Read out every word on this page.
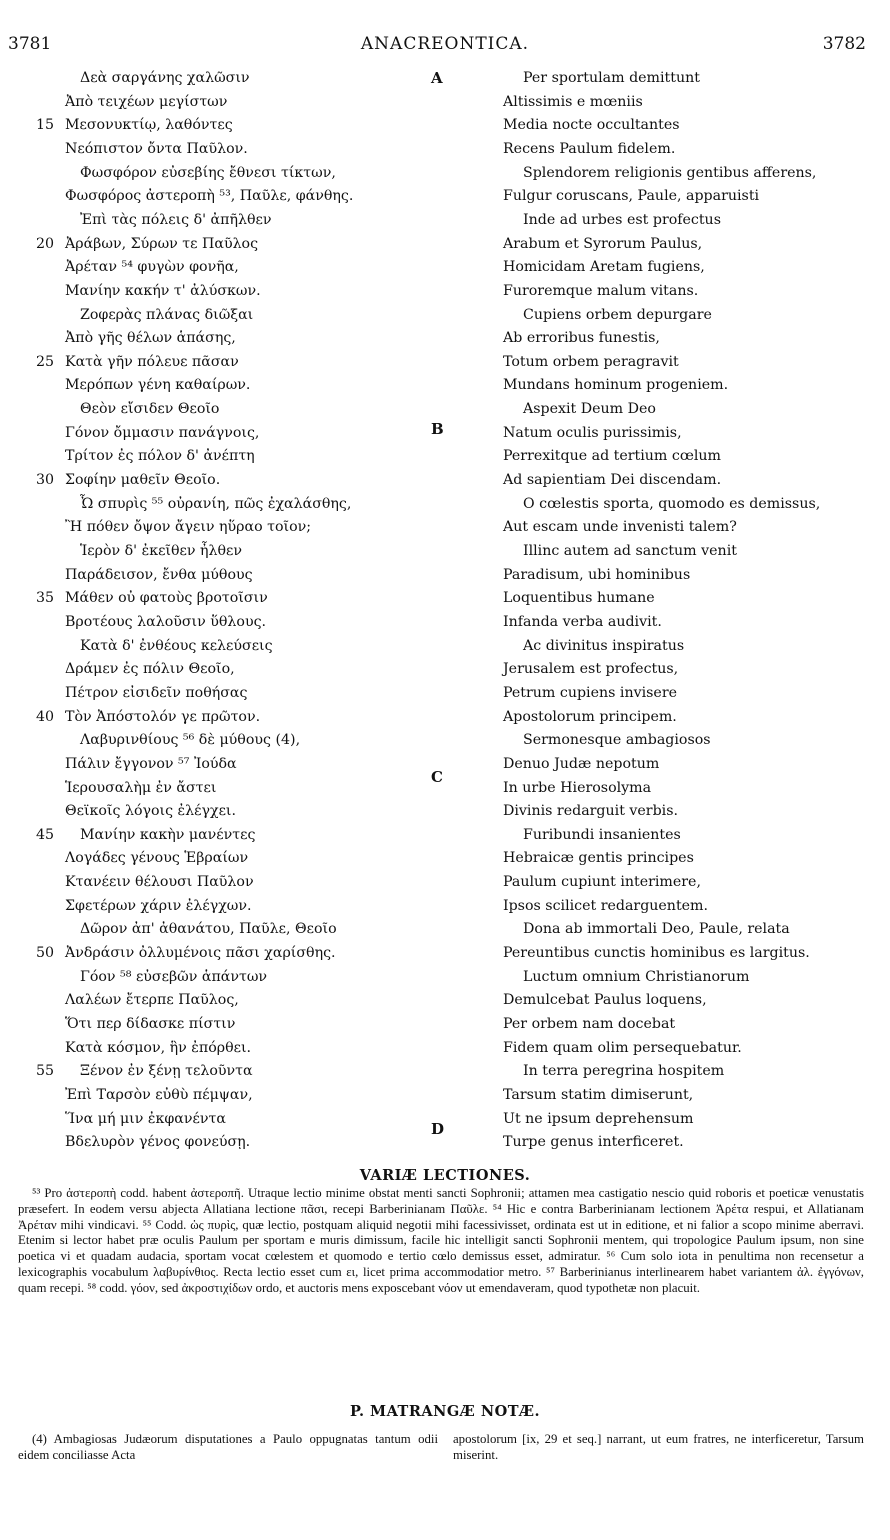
3781	ANACREONTICA.	3782
Δεὰ σαργάνης χαλῶσιν
Ἀπὸ τειχέων μεγίστων
15 Μεσονυκτίῳ, λαθόντες
Νεόπιστον ὄντα Παῦλον.
Φωσφόρον εὐσεβίης ἔθνεσι τίκτων,
Φωσφόρος ἀστεροπὴ ⁵³, Παῦλε, φάνθης.
Ἐπὶ τὰς πόλεις δ' ἀπῆλθεν
20 Ἀράβων, Σύρων τε Παῦλος
Ἀρέταν ⁵⁴ φυγὼν φονῆα,
Μανίην κακήν τ' ἀλύσκων.
Ζοφερὰς πλάνας διῶξαι
Ἀπὸ γῆς θέλων ἁπάσης,
25 Κατὰ γῆν πόλευε πᾶσαν
Μερόπων γένη καθαίρων.
Θεὸν εἴσιδεν Θεοῖο
Γόνον ὄμμασιν πανάγνοις,
Τρίτον ἐς πόλον δ' ἀνέπτη
30 Σοφίην μαθεῖν Θεοῖο.
Ὦ σπυρὶς ⁵⁵ οὐρανίη, πῶς ἐχαλάσθης,
Ἢ πόθεν ὄψον ἄγειν ηὕραο τοῖον;
Ἱερὸν δ' ἐκεῖθεν ἦλθεν
Παράδεισον, ἔνθα μύθους
35 Μάθεν οὐ φατοὺς βροτοῖσιν
Βροτέους λαλοῦσιν ὕθλους.
Κατὰ δ' ἐνθέους κελεύσεις
Δράμεν ἐς πόλιν Θεοῖο,
Πέτρον εἰσιδεῖν ποθήσας
40 Τὸν Ἀπόστολόν γε πρῶτον.
Λαβυρινθίους ⁵⁶ δὲ μύθους (4),
Πάλιν ἔγγονον ⁵⁷ Ἰούδα
Ἱερουσαλὴμ ἐν ἄστει
Θεϊκοῖς λόγοις ἐλέγχει.
45 Μανίην κακὴν μανέντες
Λογάδες γένους Ἑβραίων
Κτανέειν θέλουσι Παῦλον
Σφετέρων χάριν ἐλέγχων.
Δῶρον ἀπ' ἀθανάτου, Παῦλε, Θεοῖο
50 Ἀνδράσιν ὀλλυμένοις πᾶσι χαρίσθης.
Γόον ⁵⁸ εὐσεβῶν ἁπάντων
Λαλέων ἔτερπε Παῦλος,
Ὅτι περ δίδασκε πίστιν
Κατὰ κόσμον, ἣν ἐπόρθει.
55 Ξένον ἐν ξένῃ τελοῦντα
Ἐπὶ Ταρσὸν εὐθὺ πέμψαν,
Ἵνα μή μιν ἐκφανέντα
Βδελυρὸν γένος φονεύσῃ.
Per sportulam demittunt
Altissimis e mœniis
Media nocte occultantes
Recens Paulum fidelem.
Splendorem religionis gentibus afferens,
Fulgur coruscans, Paule, apparuisti
Inde ad urbes est profectus
Arabum et Syrorum Paulus,
Homicidam Aretam fugiens,
Furoremque malum vitans.
Cupiens orbem depurgare
Ab erroribus funestis,
Totum orbem peragravit
Mundans hominum progeniem.
Aspexit Deum Deo
Natum oculis purissimis,
Perrexitque ad tertium cœlum
Ad sapientiam Dei discendam.
O cœlestis sporta, quomodo es demissus,
Aut escam unde invenisti talem?
Illinc autem ad sanctum venit
Paradisum, ubi hominibus
Loquentibus humane
Infanda verba audivit.
Ac divinitus inspiratus
Jerusalem est profectus,
Petrum cupiens invisere
Apostolorum principem.
Sermonesque ambagiosos
Denuo Judæ nepotum
In urbe Hierosolyma
Divinis redarguit verbis.
Furibundi insanientes
Hebraicæ gentis principes
Paulum cupiunt interimere,
Ipsos scilicet redarguentem.
Dona ab immortali Deo, Paule, relata
Pereuntibus cunctis hominibus es largitus.
Luctum omnium Christianorum
Demulcebat Paulus loquens,
Per orbem nam docebat
Fidem quam olim persequebatur.
In terra peregrina hospitem
Tarsum statim dimiserunt,
Ut ne ipsum deprehensum
Turpe genus interficeret.
A
B
C
D
VARIÆ LECTIONES.

⁵³ Pro ἀστεροπὴ codd. habent ἀστεροπῆ. Utraque lectio minime obstat menti sancti Sophronii; attamen mea castigatio nescio quid roboris et poeticæ venustatis præsefert. In eodem versu abjecta Allatiana lectione πᾶσι, recepi Barberinianam Παῦλε. ⁵⁴ Hic e contra Barberinianam lectionem Ἀρέτα respui, et Allatianam Ἀρέταν mihi vindicavi. ⁵⁵ Codd. ὡς πυρὶς, quæ lectio, postquam aliquid negotii mihi facessivisset, ordinata est ut in editione, et ni falior a scopo minime aberravi. Etenim si lector habet præ oculis Paulum per sportam e muris dimissum, facile hic intelligit sancti Sophronii mentem, qui tropologice Paulum ipsum, non sine poetica vi et quadam audacia, sportam vocat cœlestem et quomodo e tertio cœlo demissus esset, admiratur. ⁵⁶ Cum solo iota in penultima non recensetur a lexicographis vocabulum λαβυρίνθιος. Recta lectio esset cum ει, licet prima accommodatior metro. ⁵⁷ Barberinianus interlinearem habet variantem ἀλ. ἐγγόνων, quam recepi. ⁵⁸ codd. γόον, sed ἀκροστιχίδων ordo, et auctoris mens exposcebant νόον ut emendaveram, quod typothetæ non placuit.

P. MATRANGÆ NOTÆ.

(4) Ambagiosas Judæorum disputationes a Paulo oppugnatas tantum odii eidem conciliasse Acta

apostolorum [ix, 29 et seq.] narrant, ut eum fratres, ne interficeretur, Tarsum miserint.
